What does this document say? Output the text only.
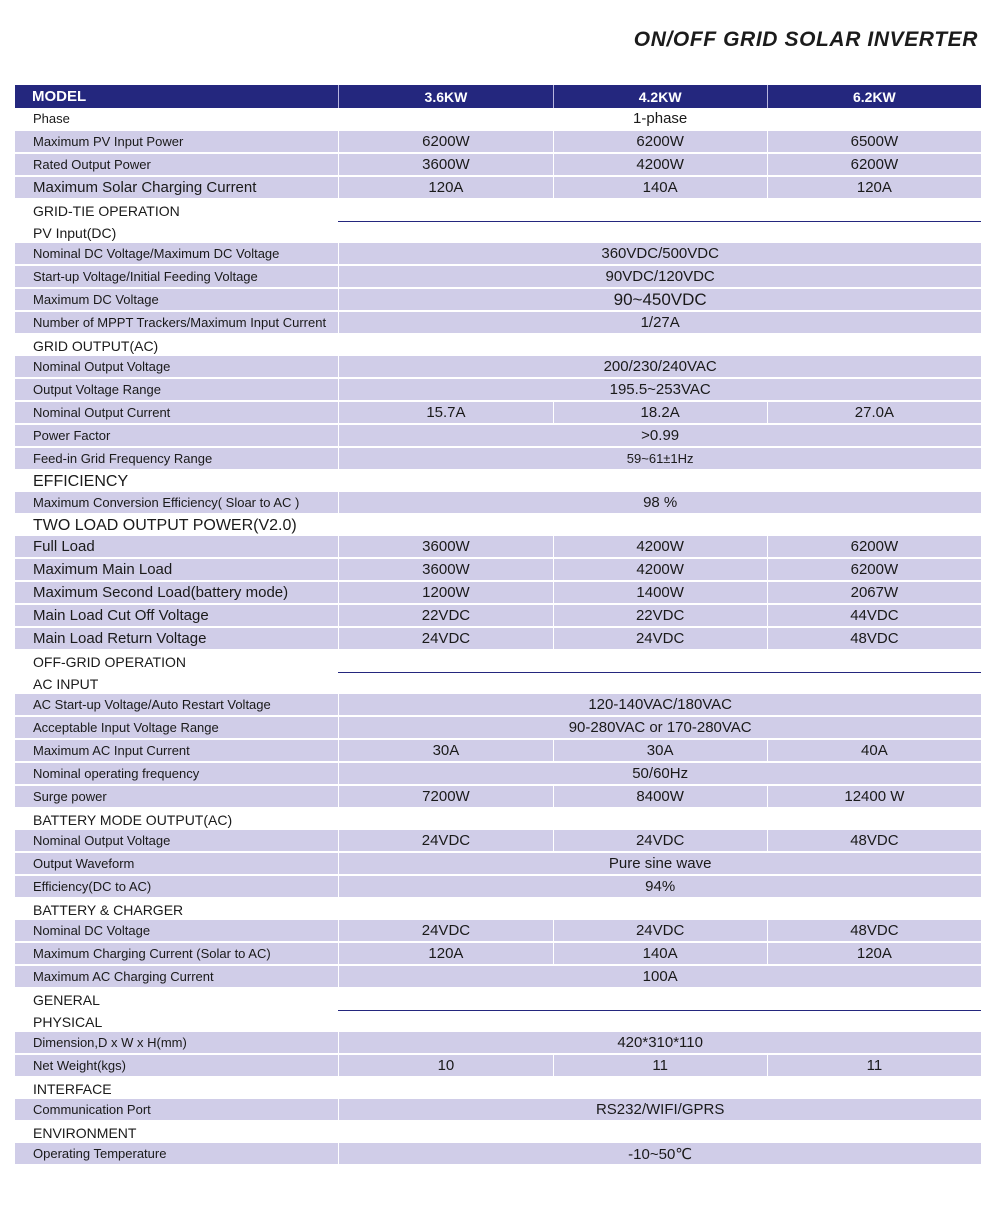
ON/OFF GRID SOLAR INVERTER
MODEL	3.6KW	4.2KW	6.2KW
Phase	1-phase		
Maximum PV Input Power	6200W	6200W	6500W
Rated Output Power	3600W	4200W	6200W
Maximum Solar Charging Current	120A	140A	120A
GRID-TIE OPERATION			
PV Input(DC)			
Nominal DC Voltage/Maximum DC Voltage	360VDC/500VDC		
Start-up Voltage/Initial Feeding Voltage	90VDC/120VDC		
Maximum DC Voltage	90~450VDC		
Number of MPPT Trackers/Maximum Input Current	1/27A		
GRID OUTPUT(AC)			
Nominal Output Voltage	200/230/240VAC		
Output Voltage Range	195.5~253VAC		
Nominal Output Current	15.7A	18.2A	27.0A
Power Factor	>0.99		
Feed-in Grid Frequency Range	59~61±1Hz		
EFFICIENCY			
Maximum Conversion Efficiency( Sloar to AC )	98 %		
TWO LOAD OUTPUT POWER(V2.0)			
Full Load	3600W	4200W	6200W
Maximum Main Load	3600W	4200W	6200W
Maximum Second Load(battery mode)	1200W	1400W	2067W
Main Load Cut Off Voltage	22VDC	22VDC	44VDC
Main Load Return Voltage	24VDC	24VDC	48VDC
OFF-GRID OPERATION			
AC INPUT			
AC Start-up Voltage/Auto Restart Voltage	120-140VAC/180VAC		
Acceptable Input Voltage Range	90-280VAC or 170-280VAC		
Maximum AC Input Current	30A	30A	40A
Nominal operating frequency	50/60Hz		
Surge power	7200W	8400W	12400 W
BATTERY MODE OUTPUT(AC)			
Nominal Output Voltage	24VDC	24VDC	48VDC
Output Waveform	Pure sine wave		
Efficiency(DC to AC)	94%		
BATTERY & CHARGER			
Nominal DC Voltage	24VDC	24VDC	48VDC
Maximum Charging Current (Solar to AC)	120A	140A	120A
Maximum AC Charging Current	100A		
GENERAL			
PHYSICAL			
Dimension,D x W x H(mm)	420*310*110		
Net Weight(kgs)	10	11	11
INTERFACE			
Communication Port	RS232/WIFI/GPRS		
ENVIRONMENT			
Operating Temperature	-10~50℃		
